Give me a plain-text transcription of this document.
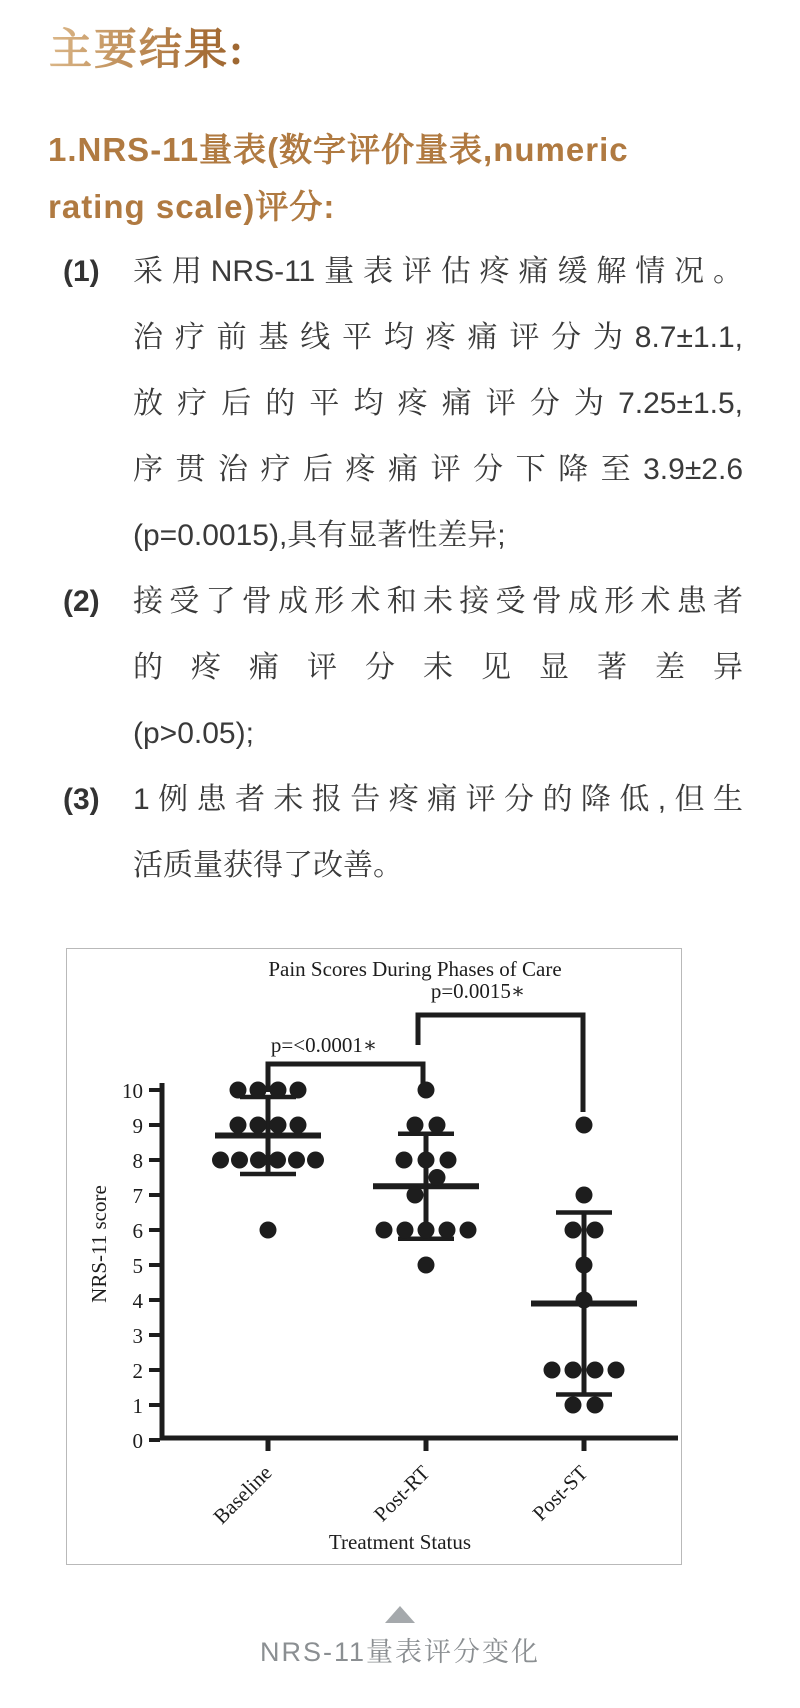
主要结果:
1.NRS-11量表(数字评价量表,numeric rating scale)评分:
(1)	采用NRS-11量表评估疼痛缓解情况。
治疗前基线平均疼痛评分为8.7±1.1,
放疗后的平均疼痛评分为7.25±1.5,
序贯治疗后疼痛评分下降至3.9±2.6
(p=0.0015),具有显著性差异;
(2)	接受了骨成形术和未接受骨成形术患者
的疼痛评分未见显著差异
(p>0.05);
(3)	1例患者未报告疼痛评分的降低,但生
活质量获得了改善。
Pain Scores During Phases of Care
0
1
2
3
4
5
6
7
8
9
10
NRS-11 score
Baseline	Post-RT	Post-ST
Treatment Status
p=<0.0001∗
p=0.0015∗
NRS-11量表评分变化
